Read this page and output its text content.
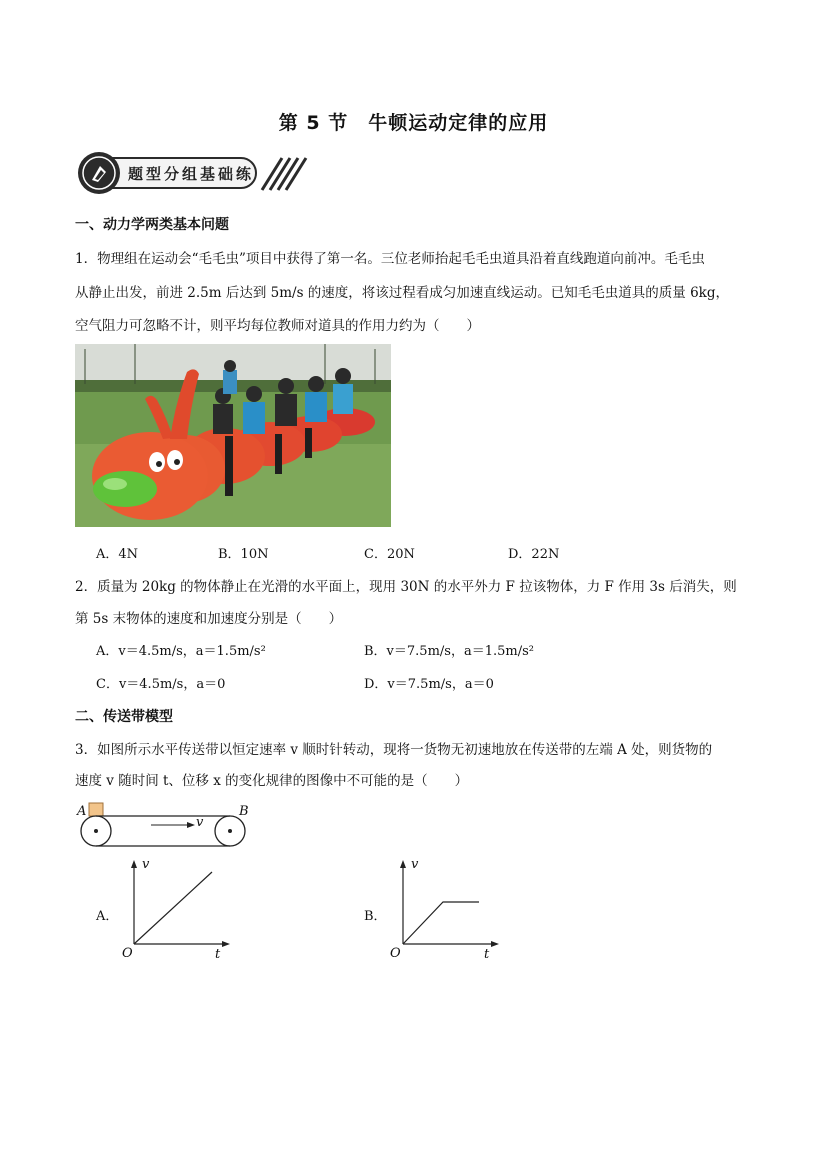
第 5 节　牛顿运动定律的应用
题型分组基础练
一、动力学两类基本问题
1．物理组在运动会“毛毛虫”项目中获得了第一名。三位老师抬起毛毛虫道具沿着直线跑道向前冲。毛毛虫
从静止出发，前进 2.5m 后达到 5m/s 的速度，将该过程看成匀加速直线运动。已知毛毛虫道具的质量 6kg，
空气阻力可忽略不计，则平均每位教师对道具的作用力约为（　　）
A．4N	B．10N	C．20N	D．22N
2．质量为 20kg 的物体静止在光滑的水平面上，现用 30N 的水平外力 F 拉该物体，力 F 作用 3s 后消失，则
第 5s 末物体的速度和加速度分别是（　　）
A．v＝4.5m/s，a＝1.5m/s²	B．v＝7.5m/s，a＝1.5m/s²
C．v＝4.5m/s，a＝0	D．v＝7.5m/s，a＝0
二、传送带模型
3．如图所示水平传送带以恒定速率 v 顺时针转动，现将一货物无初速地放在传送带的左端 A 处，则货物的
速度 v 随时间 t、位移 x 的变化规律的图像中不可能的是（　　）
A	B
v
A．
v
t
O
B．
v
t
O
